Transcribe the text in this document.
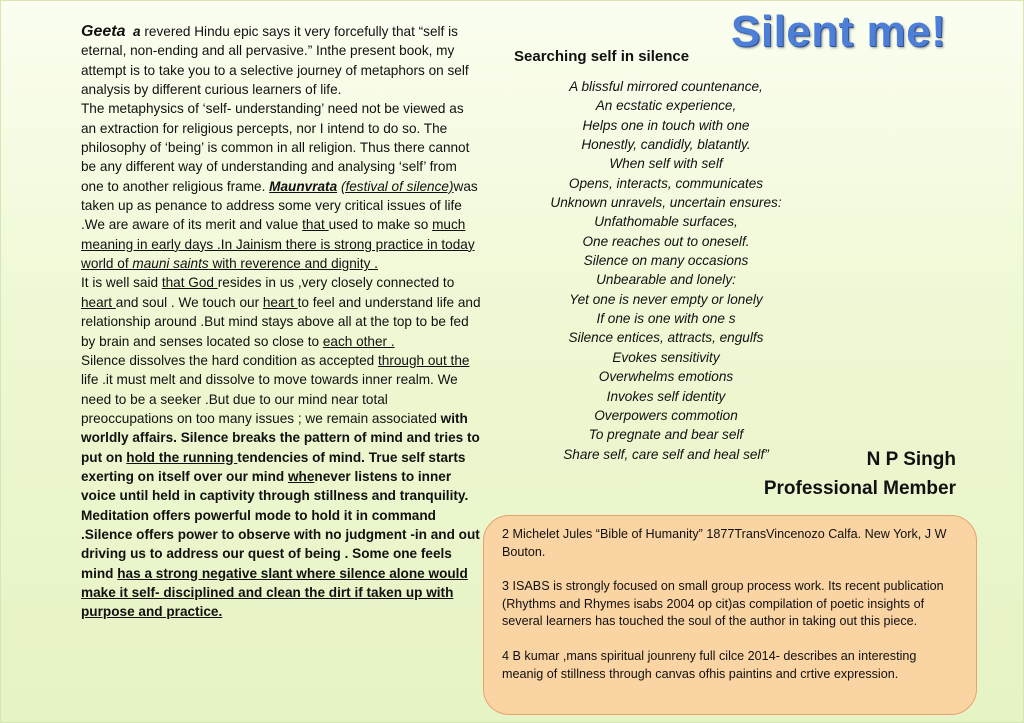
Geeta a revered Hindu epic says it very forcefully that “self is eternal, non-ending and all pervasive.” Inthe present book, my attempt is to take you to a selective journey of metaphors on self analysis by different curious learners of life.

The metaphysics of ‘self- understanding’ need not be viewed as an extraction for religious percepts, nor I intend to do so. The philosophy of ‘being’ is common in all religion. Thus there cannot be any different way of understanding and analysing ‘self’ from one to another religious frame. Maunvrata (festival of silence)was taken up as penance to address some very critical issues of life .We are aware of its merit and value that used to make so much meaning in early days .In Jainism there is strong practice in today world of mauni saints with reverence and dignity .

It is well said that God resides in us ,very closely connected to heart and soul . We touch our heart to feel and understand life and relationship around .But mind stays above all at the top to be fed by brain and senses located so close to each other .

Silence dissolves the hard condition as accepted through out the life .it must melt and dissolve to move towards inner realm. We need to be a seeker .But due to our mind near total preoccupations on too many issues ; we remain associated with worldly affairs. Silence breaks the pattern of mind and tries to put on hold the running tendencies of mind. True self starts exerting on itself over our mind whenever listens to inner voice until held in captivity through stillness and tranquility. Meditation offers powerful mode to hold it in command .Silence offers power to observe with no judgment -in and out driving us to address our quest of being . Some one feels mind has a strong negative slant where silence alone would make it self- disciplined and clean the dirt if taken up with purpose and practice.

Silent me!
Searching self in silence
A blissful mirrored countenance,
An ecstatic experience,
Helps one in touch with one
Honestly, candidly, blatantly.
When self with self
Opens, interacts, communicates
Unknown unravels, uncertain ensures:
Unfathomable surfaces,
One reaches out to oneself.
Silence on many occasions
Unbearable and lonely:
Yet one is never empty or lonely
If one is one with one s
Silence entices, attracts, engulfs
Evokes sensitivity
Overwhelms emotions
Invokes self identity
Overpowers commotion
To pregnate and bear self
Share self, care self and heal self”	N P Singh
Professional Member

2 Michelet Jules “Bible of Humanity” 1877TransVincenozo Calfa. New York, J W Bouton.

3 ISABS is strongly focused on small group process work. Its recent publication (Rhythms and Rhymes isabs 2004 op cit)as compilation of poetic insights of several learners has touched the soul of the author in taking out this piece.

4 B kumar ,mans spiritual jounreny full cilce 2014- describes an interesting meanig of stillness through canvas ofhis paintins and crtive expression.
